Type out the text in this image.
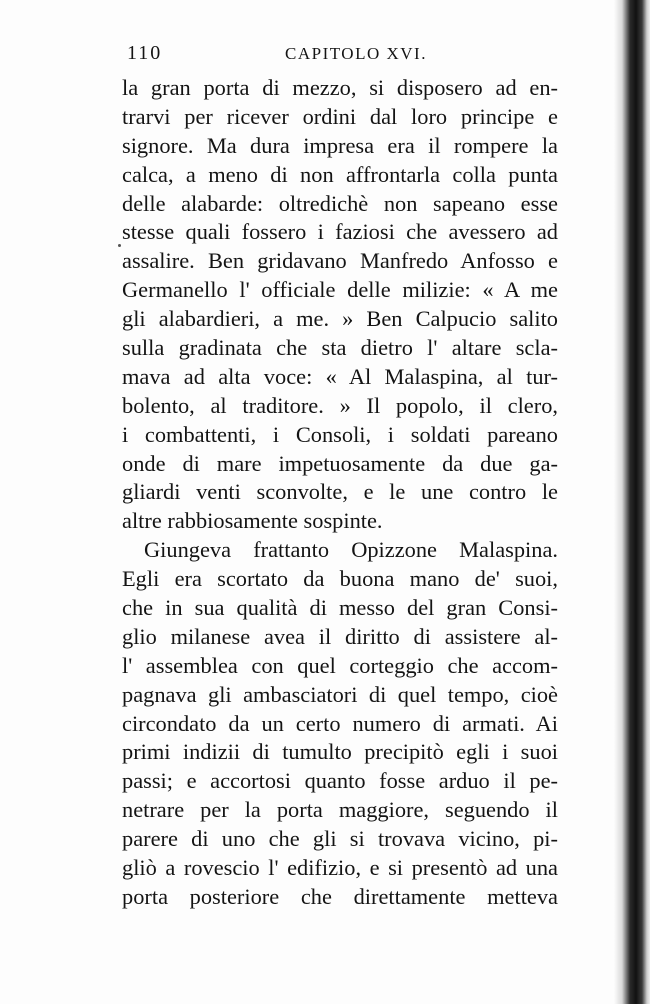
110	CAPITOLO XVI.
la gran porta di mezzo, si disposero ad en-
trarvi per ricever ordini dal loro principe e
signore. Ma dura impresa era il rompere la
calca, a meno di non affrontarla colla punta
delle alabarde: oltredichè non sapeano esse
stesse quali fossero i faziosi che avessero ad
assalire. Ben gridavano Manfredo Anfosso e
Germanello l' officiale delle milizie: « A me
gli alabardieri, a me. » Ben Calpucio salito
sulla gradinata che sta dietro l' altare scla-
mava ad alta voce: « Al Malaspina, al tur-
bolento, al traditore. » Il popolo, il clero,
i combattenti, i Consoli, i soldati pareano
onde di mare impetuosamente da due ga-
gliardi venti sconvolte, e le une contro le
altre rabbiosamente sospinte.
Giungeva frattanto Opizzone Malaspina.
Egli era scortato da buona mano de' suoi,
che in sua qualità di messo del gran Consi-
glio milanese avea il diritto di assistere al-
l' assemblea con quel corteggio che accom-
pagnava gli ambasciatori di quel tempo, cioè
circondato da un certo numero di armati. Ai
primi indizii di tumulto precipitò egli i suoi
passi; e accortosi quanto fosse arduo il pe-
netrare per la porta maggiore, seguendo il
parere di uno che gli si trovava vicino, pi-
gliò a rovescio l' edifizio, e si presentò ad una
porta posteriore che direttamente metteva
